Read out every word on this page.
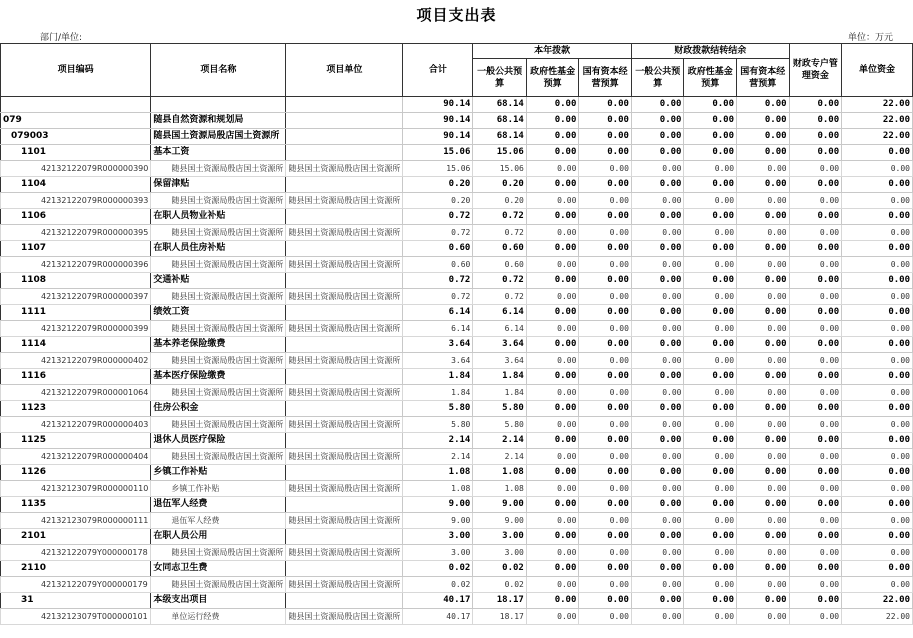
项目支出表
部门/单位:	单位：万元
项目编码	项目名称	项目单位	合计	本年拨款			财政拨款结转结余			财政专户管理资金	单位资金
				一般公共预算	政府性基金预算	国有资本经营预算	一般公共预算	政府性基金预算	国有资本经营预算		
			90.14	68.14	0.00	0.00	0.00	0.00	0.00	0.00	22.00
079	随县自然资源和规划局		90.14	68.14	0.00	0.00	0.00	0.00	0.00	0.00	22.00
079003	随县国土资源局殷店国土资源所		90.14	68.14	0.00	0.00	0.00	0.00	0.00	0.00	22.00
1101	基本工资		15.06	15.06	0.00	0.00	0.00	0.00	0.00	0.00	0.00
42132122079R000000390	随县国土资源局殷店国土资源所	随县国土资源局殷店国土资源所	15.06	15.06	0.00	0.00	0.00	0.00	0.00	0.00	0.00
1104	保留津贴		0.20	0.20	0.00	0.00	0.00	0.00	0.00	0.00	0.00
42132122079R000000393	随县国土资源局殷店国土资源所	随县国土资源局殷店国土资源所	0.20	0.20	0.00	0.00	0.00	0.00	0.00	0.00	0.00
1106	在职人员物业补贴		0.72	0.72	0.00	0.00	0.00	0.00	0.00	0.00	0.00
42132122079R000000395	随县国土资源局殷店国土资源所	随县国土资源局殷店国土资源所	0.72	0.72	0.00	0.00	0.00	0.00	0.00	0.00	0.00
1107	在职人员住房补贴		0.60	0.60	0.00	0.00	0.00	0.00	0.00	0.00	0.00
42132122079R000000396	随县国土资源局殷店国土资源所	随县国土资源局殷店国土资源所	0.60	0.60	0.00	0.00	0.00	0.00	0.00	0.00	0.00
1108	交通补贴		0.72	0.72	0.00	0.00	0.00	0.00	0.00	0.00	0.00
42132122079R000000397	随县国土资源局殷店国土资源所	随县国土资源局殷店国土资源所	0.72	0.72	0.00	0.00	0.00	0.00	0.00	0.00	0.00
1111	绩效工资		6.14	6.14	0.00	0.00	0.00	0.00	0.00	0.00	0.00
42132122079R000000399	随县国土资源局殷店国土资源所	随县国土资源局殷店国土资源所	6.14	6.14	0.00	0.00	0.00	0.00	0.00	0.00	0.00
1114	基本养老保险缴费		3.64	3.64	0.00	0.00	0.00	0.00	0.00	0.00	0.00
42132122079R000000402	随县国土资源局殷店国土资源所	随县国土资源局殷店国土资源所	3.64	3.64	0.00	0.00	0.00	0.00	0.00	0.00	0.00
1116	基本医疗保险缴费		1.84	1.84	0.00	0.00	0.00	0.00	0.00	0.00	0.00
42132122079R000001064	随县国土资源局殷店国土资源所	随县国土资源局殷店国土资源所	1.84	1.84	0.00	0.00	0.00	0.00	0.00	0.00	0.00
1123	住房公积金		5.80	5.80	0.00	0.00	0.00	0.00	0.00	0.00	0.00
42132122079R000000403	随县国土资源局殷店国土资源所	随县国土资源局殷店国土资源所	5.80	5.80	0.00	0.00	0.00	0.00	0.00	0.00	0.00
1125	退休人员医疗保险		2.14	2.14	0.00	0.00	0.00	0.00	0.00	0.00	0.00
42132122079R000000404	随县国土资源局殷店国土资源所	随县国土资源局殷店国土资源所	2.14	2.14	0.00	0.00	0.00	0.00	0.00	0.00	0.00
1126	乡镇工作补贴		1.08	1.08	0.00	0.00	0.00	0.00	0.00	0.00	0.00
42132123079R000000110	乡镇工作补贴	随县国土资源局殷店国土资源所	1.08	1.08	0.00	0.00	0.00	0.00	0.00	0.00	0.00
1135	退伍军人经费		9.00	9.00	0.00	0.00	0.00	0.00	0.00	0.00	0.00
42132123079R000000111	退伍军人经费	随县国土资源局殷店国土资源所	9.00	9.00	0.00	0.00	0.00	0.00	0.00	0.00	0.00
2101	在职人员公用		3.00	3.00	0.00	0.00	0.00	0.00	0.00	0.00	0.00
42132122079Y000000178	随县国土资源局殷店国土资源所	随县国土资源局殷店国土资源所	3.00	3.00	0.00	0.00	0.00	0.00	0.00	0.00	0.00
2110	女同志卫生费		0.02	0.02	0.00	0.00	0.00	0.00	0.00	0.00	0.00
42132122079Y000000179	随县国土资源局殷店国土资源所	随县国土资源局殷店国土资源所	0.02	0.02	0.00	0.00	0.00	0.00	0.00	0.00	0.00
31	本级支出项目		40.17	18.17	0.00	0.00	0.00	0.00	0.00	0.00	22.00
42132123079T000000101	单位运行经费	随县国土资源局殷店国土资源所	40.17	18.17	0.00	0.00	0.00	0.00	0.00	0.00	22.00
